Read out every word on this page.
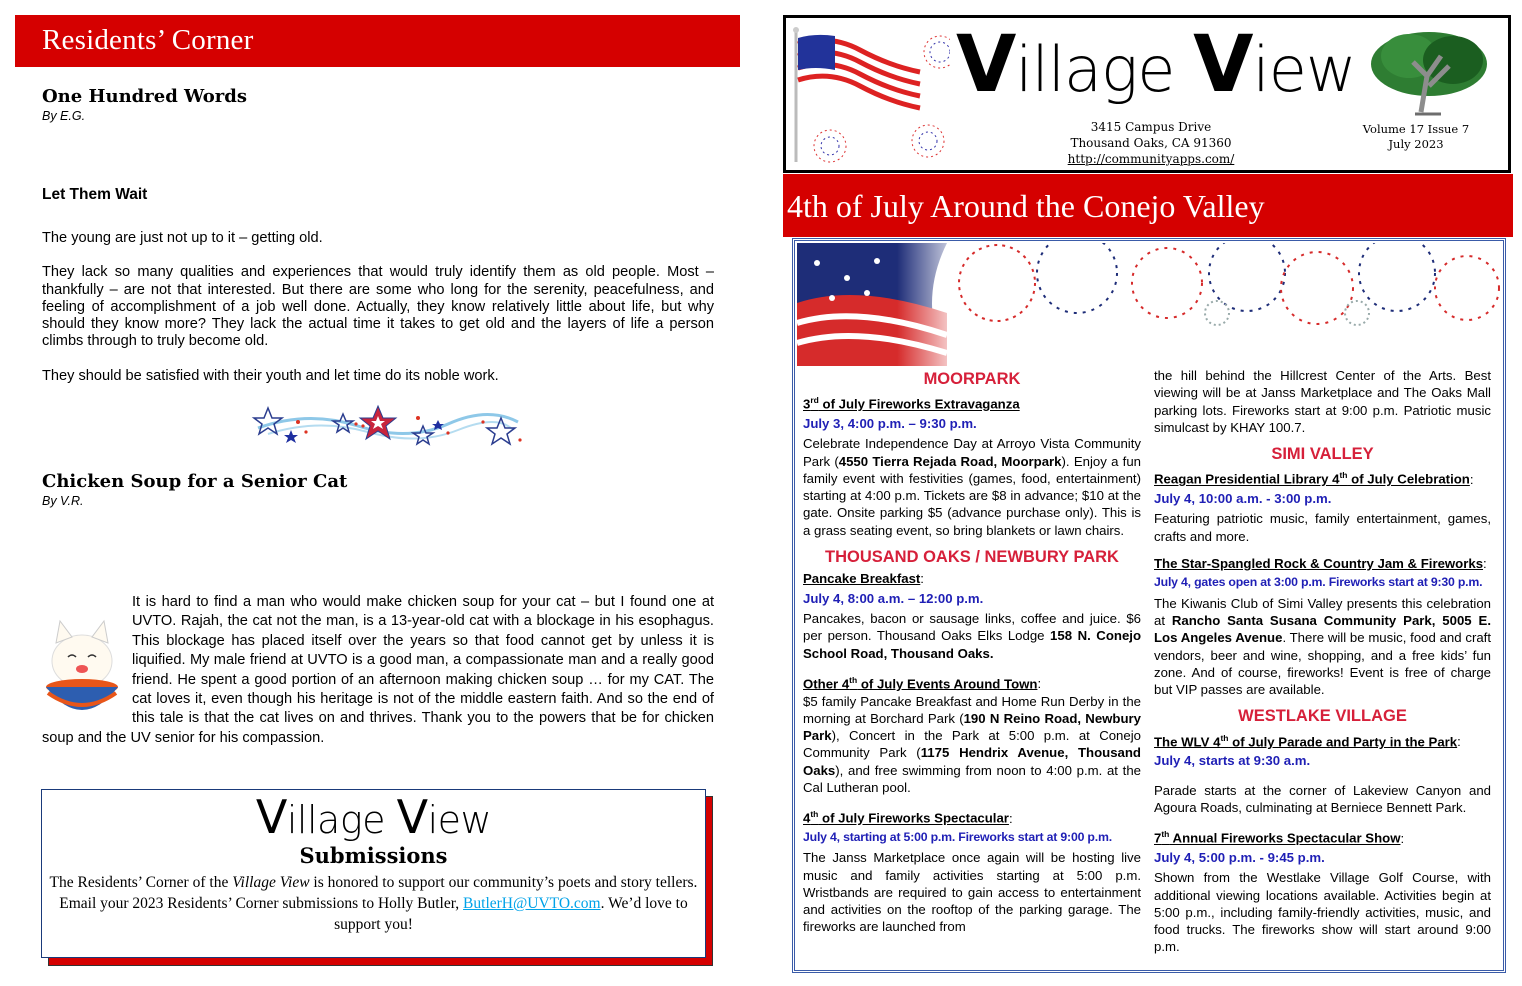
Residents’ Corner
One Hundred Words
By E.G.
Let Them Wait

The young are just not up to it – getting old.

They lack so many qualities and experiences that would truly identify them as old people. Most – thankfully – are not that interested. But there are some who long for the serenity, peacefulness, and feeling of accomplishment of a job well done. Actually, they know relatively little about life, but why should they know more? They lack the actual time it takes to get old and the layers of life a person climbs through to truly become old.

They should be satisfied with their youth and let time do its noble work.

Chicken Soup for a Senior Cat
By V.R.
It is hard to find a man who would make chicken soup for your cat – but I found one at UVTO. Rajah, the cat not the man, is a 13-year-old cat with a blockage in his esophagus. This blockage has placed itself over the years so that food cannot get by unless it is liquified. My male friend at UVTO is a good man, a compassionate man and a really good friend. He spent a good portion of an afternoon making chicken soup … for my CAT. The cat loves it, even though his heritage is not of the middle eastern faith. And so the end of this tale is that the cat lives on and thrives. Thank you to the powers that be for chicken soup and the UV senior for his compassion.
Village View
Submissions
The Residents’ Corner of the Village View is honored to support our community’s poets and story tellers. Email your 2023 Residents’ Corner submissions to Holly Butler, ButlerH@UVTO.com. We’d love to support you!
Village View
3415 Campus Drive
Thousand Oaks, CA 91360
http://communityapps.com/
Volume 17 Issue 7
July 2023
4th of July Around the Conejo Valley
MOORPARK
3rd of July Fireworks Extravaganza
July 3, 4:00 p.m. – 9:30 p.m.
Celebrate Independence Day at Arroyo Vista Community Park (4550 Tierra Rejada Road, Moorpark). Enjoy a fun family event with festivities (games, food, entertainment) starting at 4:00 p.m. Tickets are $8 in advance; $10 at the gate. Onsite parking $5 (advance purchase only). This is a grass seating event, so bring blankets or lawn chairs.
THOUSAND OAKS / NEWBURY PARK
Pancake Breakfast:
July 4, 8:00 a.m. – 12:00 p.m.
Pancakes, bacon or sausage links, coffee and juice. $6 per person. Thousand Oaks Elks Lodge 158 N. Conejo School Road, Thousand Oaks.
Other 4th of July Events Around Town:
$5 family Pancake Breakfast and Home Run Derby in the morning at Borchard Park (190 N Reino Road, Newbury Park), Concert in the Park at 5:00 p.m. at Conejo Community Park (1175 Hendrix Avenue, Thousand Oaks), and free swimming from noon to 4:00 p.m. at the Cal Lutheran pool.
4th of July Fireworks Spectacular:
July 4, starting at 5:00 p.m. Fireworks start at 9:00 p.m.
The Janss Marketplace once again will be hosting live music and family activities starting at 5:00 p.m. Wristbands are required to gain access to entertainment and activities on the rooftop of the parking garage. The fireworks are launched from
the hill behind the Hillcrest Center of the Arts. Best viewing will be at Janss Marketplace and The Oaks Mall parking lots. Fireworks start at 9:00 p.m. Patriotic music simulcast by KHAY 100.7.
SIMI VALLEY
Reagan Presidential Library 4th of July Celebration:
July 4, 10:00 a.m. - 3:00 p.m.
Featuring patriotic music, family entertainment, games, crafts and more.
The Star-Spangled Rock & Country Jam & Fireworks:
July 4, gates open at 3:00 p.m. Fireworks start at 9:30 p.m.
The Kiwanis Club of Simi Valley presents this celebration at Rancho Santa Susana Community Park, 5005 E. Los Angeles Avenue. There will be music, food and craft vendors, beer and wine, shopping, and a free kids’ fun zone. And of course, fireworks! Event is free of charge but VIP passes are available.
WESTLAKE VILLAGE
The WLV 4th of July Parade and Party in the Park:
July 4, starts at 9:30 a.m.
Parade starts at the corner of Lakeview Canyon and Agoura Roads, culminating at Berniece Bennett Park.
7th Annual Fireworks Spectacular Show:
July 4, 5:00 p.m. - 9:45 p.m.
Shown from the Westlake Village Golf Course, with additional viewing locations available. Activities begin at 5:00 p.m., including family-friendly activities, music, and food trucks. The fireworks show will start around 9:00 p.m.
